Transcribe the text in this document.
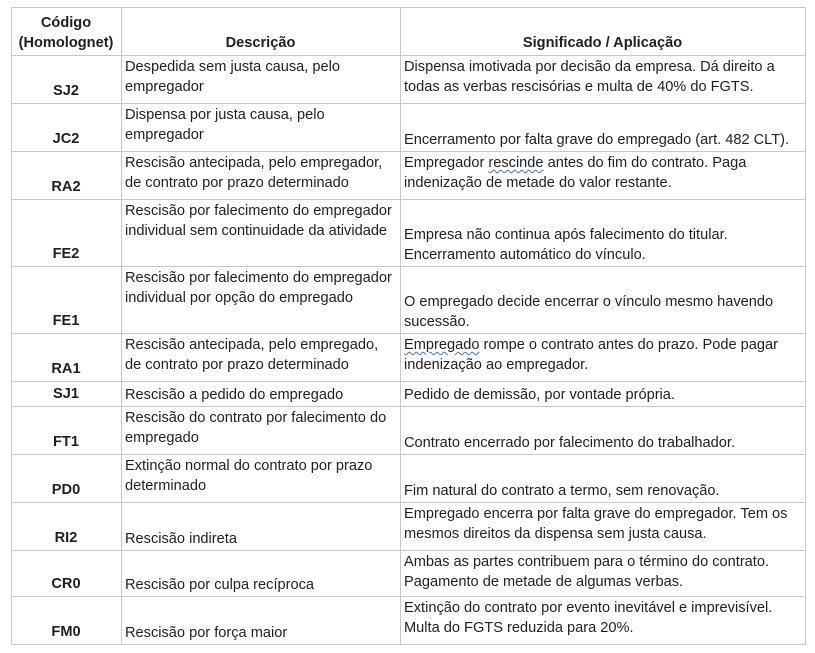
Código
(Homolognet)	Descrição	Significado / Aplicação
SJ2	Despedida sem justa causa, pelo empregador	Dispensa imotivada por decisão da empresa. Dá direito a todas as verbas rescisórias e multa de 40% do FGTS.
JC2	Dispensa por justa causa, pelo empregador	Encerramento por falta grave do empregado (art. 482 CLT).
RA2	Rescisão antecipada, pelo empregador, de contrato por prazo determinado	Empregador rescinde antes do fim do contrato. Paga indenização de metade do valor restante.
FE2	Rescisão por falecimento do empregador individual sem continuidade da atividade	Empresa não continua após falecimento do titular. Encerramento automático do vínculo.
FE1	Rescisão por falecimento do empregador individual por opção do empregado	O empregado decide encerrar o vínculo mesmo havendo sucessão.
RA1	Rescisão antecipada, pelo empregado, de contrato por prazo determinado	Empregado rompe o contrato antes do prazo. Pode pagar indenização ao empregador.
SJ1	Rescisão a pedido do empregado	Pedido de demissão, por vontade própria.
FT1	Rescisão do contrato por falecimento do empregado	Contrato encerrado por falecimento do trabalhador.
PD0	Extinção normal do contrato por prazo determinado	Fim natural do contrato a termo, sem renovação.
RI2	Rescisão indireta	Empregado encerra por falta grave do empregador. Tem os mesmos direitos da dispensa sem justa causa.
CR0	Rescisão por culpa recíproca	Ambas as partes contribuem para o término do contrato. Pagamento de metade de algumas verbas.
FM0	Rescisão por força maior	Extinção do contrato por evento inevitável e imprevisível. Multa do FGTS reduzida para 20%.
